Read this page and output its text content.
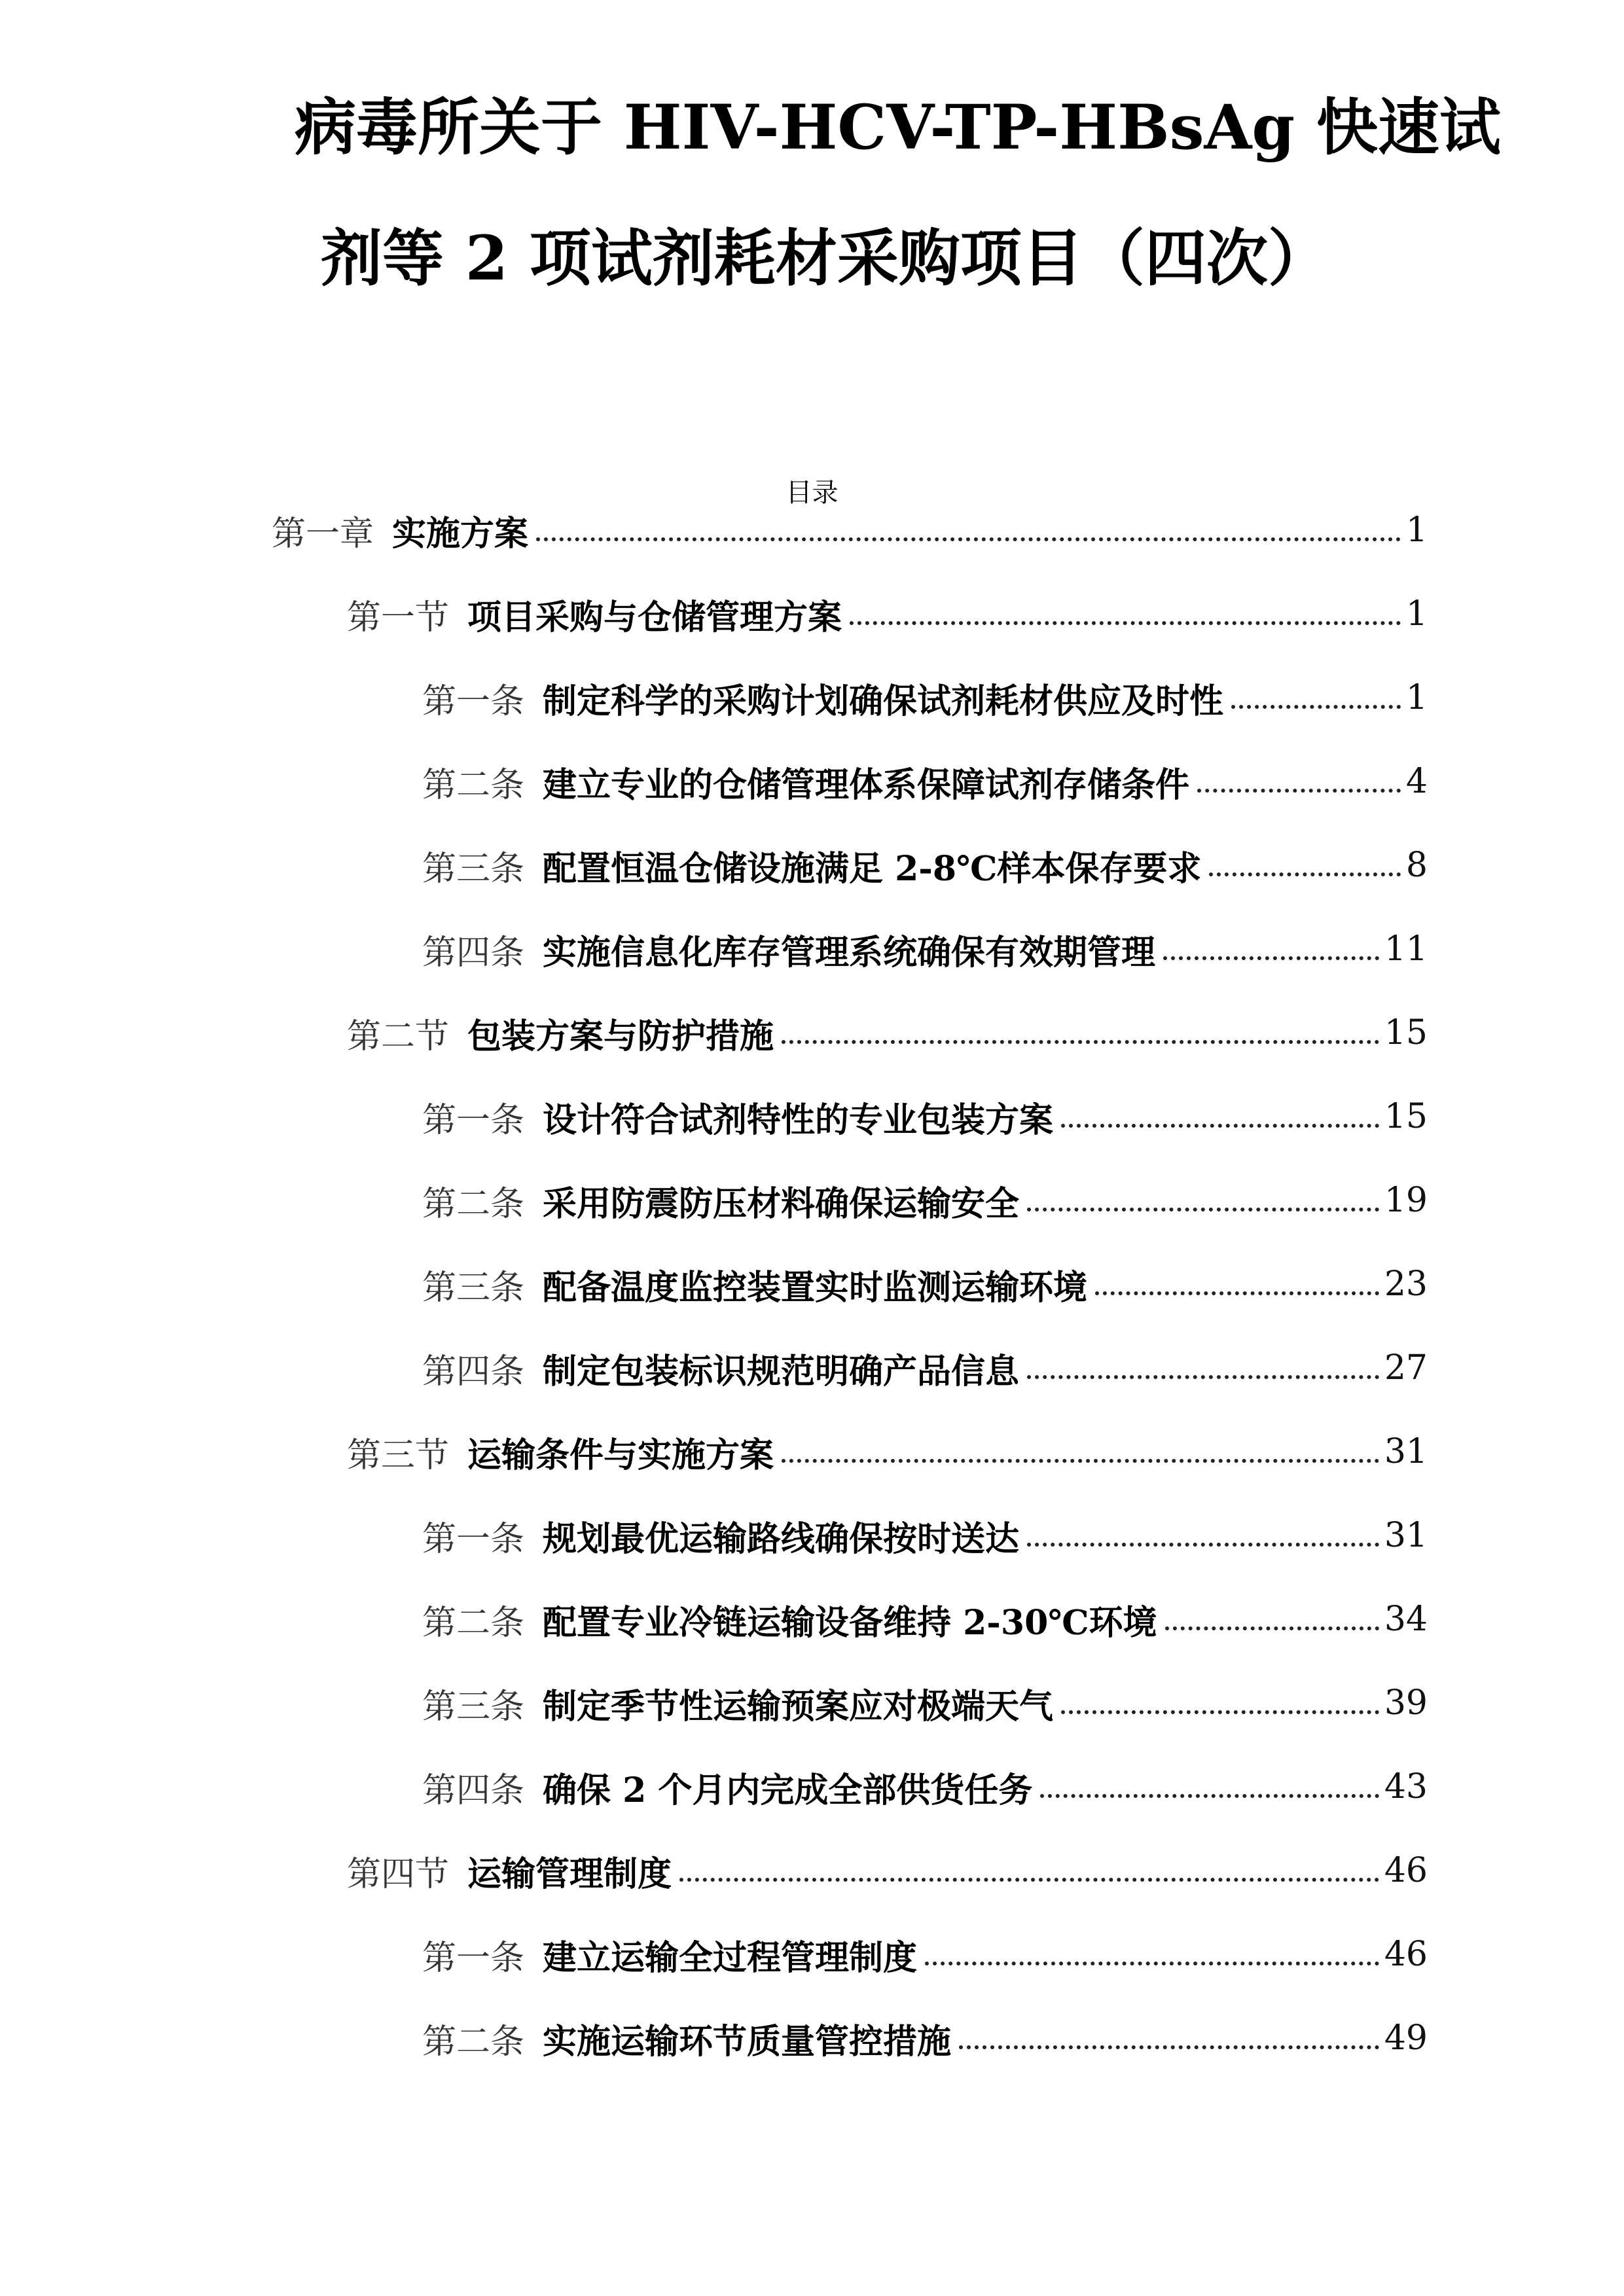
病毒所关于 HIV-HCV-TP-HBsAg 快速试
剂等 2 项试剂耗材采购项目（四次）
目录
第一章 实施方案	1
第一节 项目采购与仓储管理方案	1
第一条 制定科学的采购计划确保试剂耗材供应及时性	1
第二条 建立专业的仓储管理体系保障试剂存储条件	4
第三条 配置恒温仓储设施满足 2-8℃样本保存要求	8
第四条 实施信息化库存管理系统确保有效期管理	11
第二节 包装方案与防护措施	15
第一条 设计符合试剂特性的专业包装方案	15
第二条 采用防震防压材料确保运输安全	19
第三条 配备温度监控装置实时监测运输环境	23
第四条 制定包装标识规范明确产品信息	27
第三节 运输条件与实施方案	31
第一条 规划最优运输路线确保按时送达	31
第二条 配置专业冷链运输设备维持 2-30℃环境	34
第三条 制定季节性运输预案应对极端天气	39
第四条 确保 2 个月内完成全部供货任务	43
第四节 运输管理制度	46
第一条 建立运输全过程管理制度	46
第二条 实施运输环节质量管控措施	49
